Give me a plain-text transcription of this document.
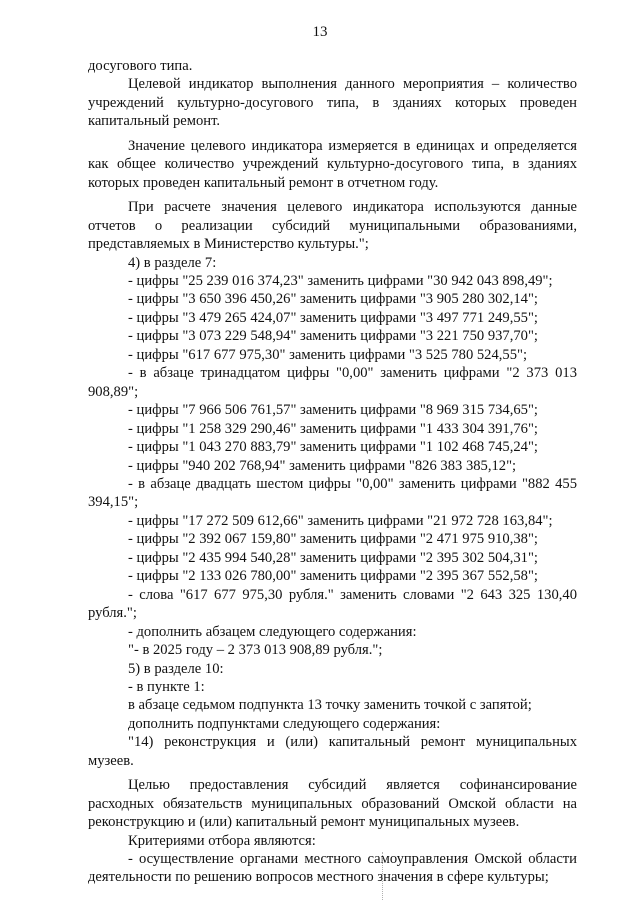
13

досугового типа.

Целевой индикатор выполнения данного мероприятия – количество учреждений культурно-досугового типа, в зданиях которых проведен капитальный ремонт.

Значение целевого индикатора измеряется в единицах и определяется как общее количество учреждений культурно-досугового типа, в зданиях которых проведен капитальный ремонт в отчетном году.

При расчете значения целевого индикатора используются данные отчетов о реализации субсидий муниципальными образованиями, представляемых в Министерство культуры.";

4) в разделе 7:

- цифры "25 239 016 374,23" заменить цифрами "30 942 043 898,49";

- цифры "3 650 396 450,26" заменить цифрами "3 905 280 302,14";

- цифры "3 479 265 424,07" заменить цифрами "3 497 771 249,55";

- цифры "3 073 229 548,94" заменить цифрами "3 221 750 937,70";

- цифры "617 677 975,30" заменить цифрами "3 525 780 524,55";

- в абзаце тринадцатом цифры "0,00" заменить цифрами "2 373 013 908,89";

- цифры "7 966 506 761,57" заменить цифрами "8 969 315 734,65";

- цифры "1 258 329 290,46" заменить цифрами "1 433 304 391,76";

- цифры "1 043 270 883,79" заменить цифрами "1 102 468 745,24";

- цифры "940 202 768,94" заменить цифрами "826 383 385,12";

- в абзаце двадцать шестом цифры "0,00" заменить цифрами "882 455 394,15";

- цифры "17 272 509 612,66" заменить цифрами "21 972 728 163,84";

- цифры "2 392 067 159,80" заменить цифрами "2 471 975 910,38";

- цифры "2 435 994 540,28" заменить цифрами "2 395 302 504,31";

- цифры "2 133 026 780,00" заменить цифрами "2 395 367 552,58";

- слова "617 677 975,30 рубля." заменить словами "2 643 325 130,40 рубля.";

- дополнить абзацем следующего содержания:

"- в 2025 году – 2 373 013 908,89 рубля.";

5) в разделе 10:

- в пункте 1:

в абзаце седьмом подпункта 13 точку заменить точкой с запятой;

дополнить подпунктами следующего содержания:

"14) реконструкция и (или) капитальный ремонт муниципальных музеев.

Целью предоставления субсидий является софинансирование расходных обязательств муниципальных образований Омской области на реконструкцию и (или) капитальный ремонт муниципальных музеев.

Критериями отбора являются:

- осуществление органами местного самоуправления Омской области деятельности по решению вопросов местного значения в сфере культуры;
